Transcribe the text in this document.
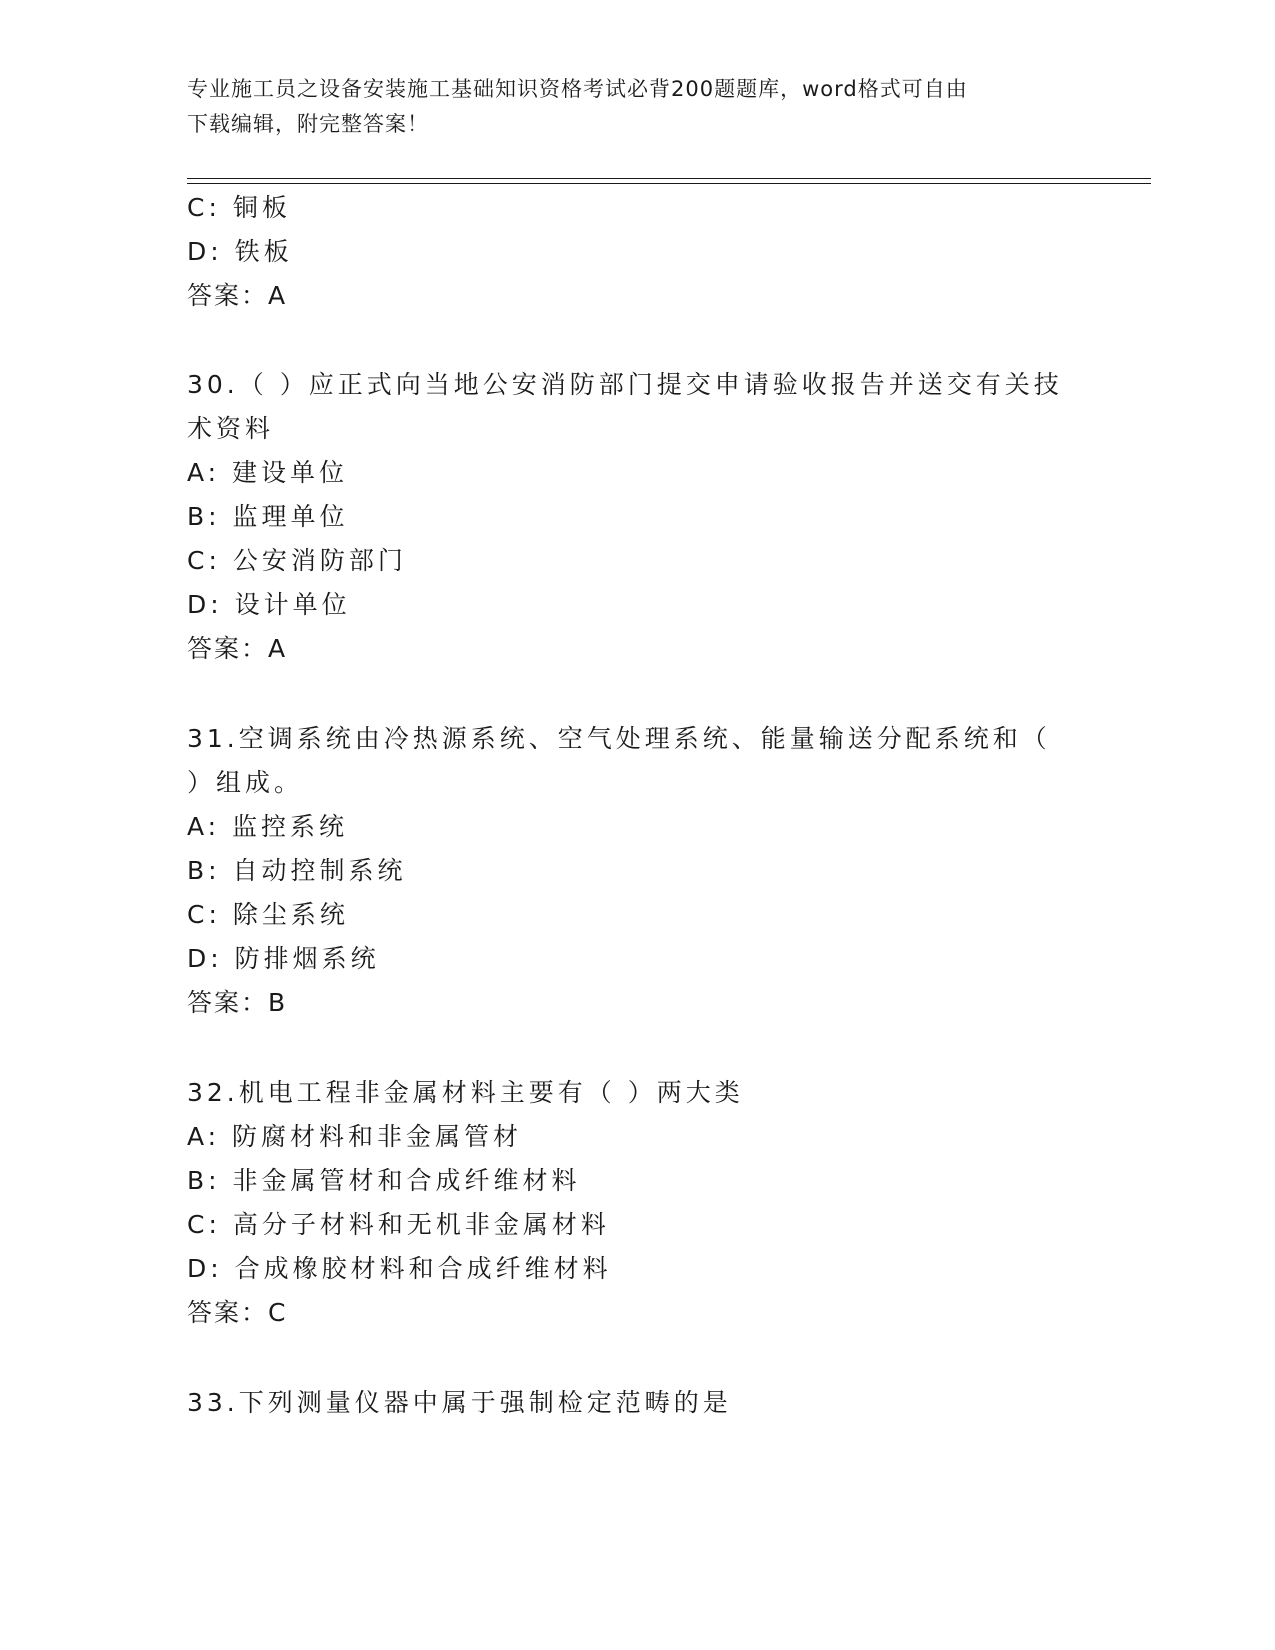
专业施工员之设备安装施工基础知识资格考试必背200题题库，word格式可自由
下载编辑，附完整答案！
C: 铜板
D: 铁板
答案：A
30.（ ）应正式向当地公安消防部门提交申请验收报告并送交有关技
术资料
A: 建设单位
B: 监理单位
C: 公安消防部门
D: 设计单位
答案：A
31.空调系统由冷热源系统、空气处理系统、能量输送分配系统和（
）组成。
A: 监控系统
B: 自动控制系统
C: 除尘系统
D: 防排烟系统
答案：B
32.机电工程非金属材料主要有（ ）两大类
A: 防腐材料和非金属管材
B: 非金属管材和合成纤维材料
C: 高分子材料和无机非金属材料
D: 合成橡胶材料和合成纤维材料
答案：C
33.下列测量仪器中属于强制检定范畴的是
